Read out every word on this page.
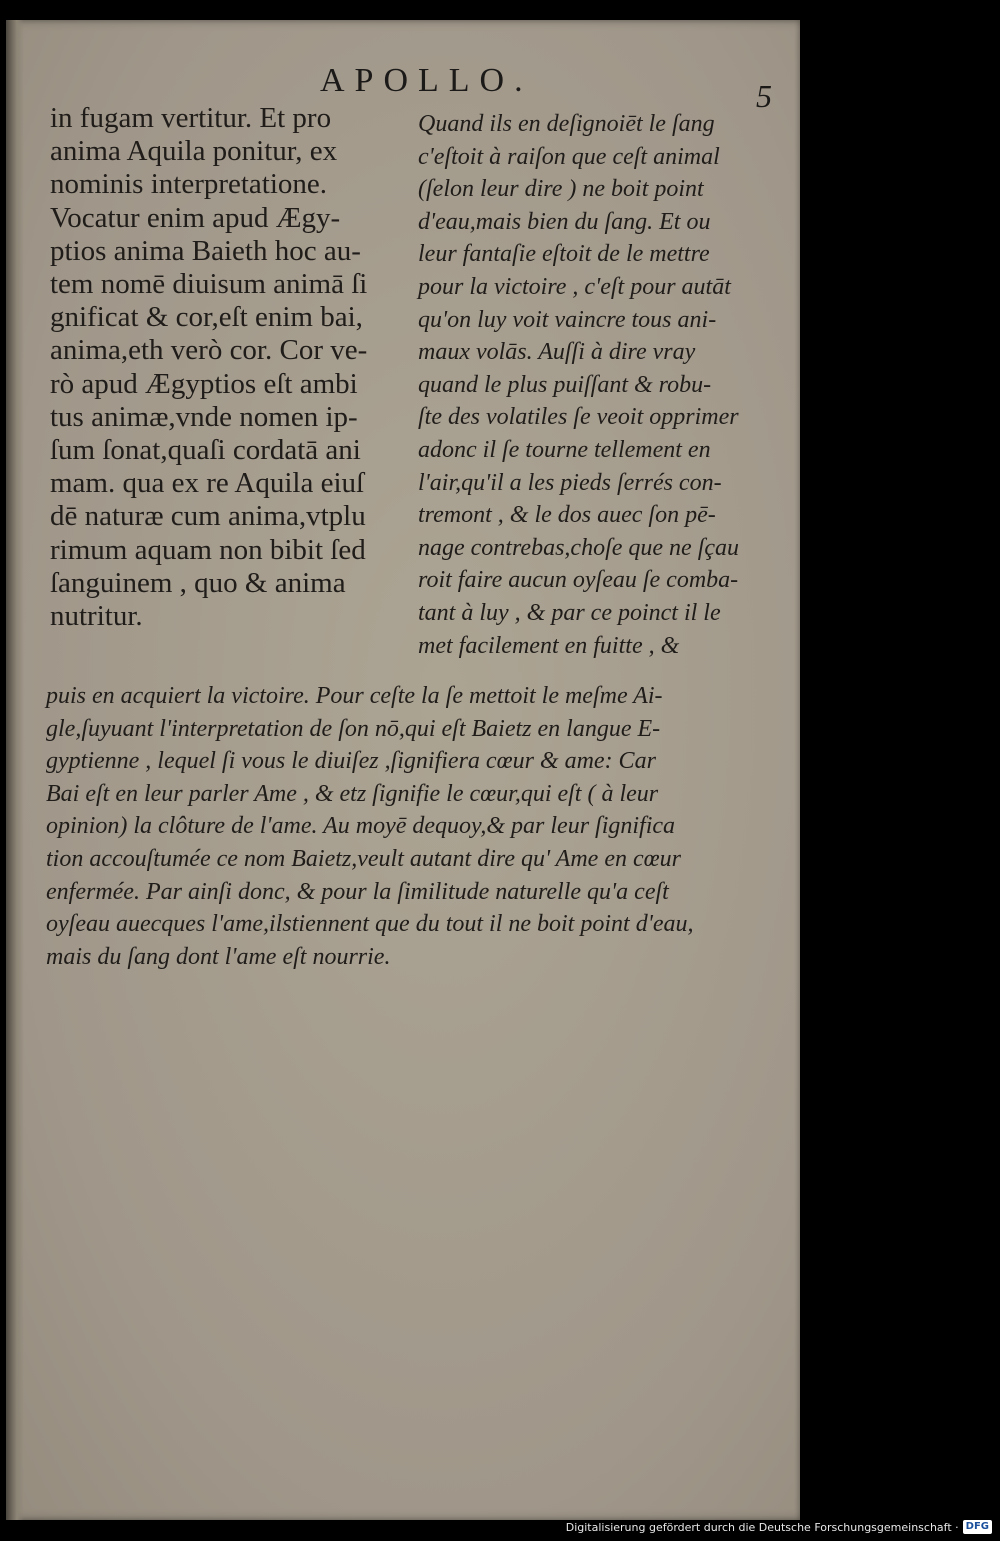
APOLLO.	5
in fugam vertitur. Et pro
anima Aquila ponitur, ex
nominis interpretatione.
Vocatur enim apud Ægy-
ptios anima Baieth hoc au-
tem nomē diuisum animā ſi
gnificat & cor,eſt enim bai,
anima,eth verò cor. Cor ve-
rò apud Ægyptios eſt ambi
tus animæ,vnde nomen ip-
ſum ſonat,quaſi cordatā ani
mam. qua ex re Aquila eiuſ
dē naturæ cum anima,vtplu
rimum aquam non bibit ſed
ſanguinem , quo & anima
nutritur.
Quand ils en deſignoiēt le ſang
c'eſtoit à raiſon que ceſt animal
(ſelon leur dire ) ne boit point
d'eau,mais bien du ſang. Et ou
leur fantaſie eſtoit de le mettre
pour la victoire , c'eſt pour autāt
qu'on luy voit vaincre tous ani-
maux volās. Auſſi à dire vray
quand le plus puiſſant & robu-
ſte des volatiles ſe veoit opprimer
adonc il ſe tourne tellement en
l'air,qu'il a les pieds ſerrés con-
tremont , & le dos auec ſon pē-
nage contrebas,choſe que ne ſçau
roit faire aucun oyſeau ſe comba-
tant à luy , & par ce poinct il le
met facilement en fuitte , &
puis en acquiert la victoire. Pour ceſte la ſe mettoit le meſme Ai-
gle,ſuyuant l'interpretation de ſon nō,qui eſt Baietz en langue E-
gyptienne , lequel ſi vous le diuiſez ,ſignifiera cœur & ame: Car
Bai eſt en leur parler Ame , & etz ſignifie le cœur,qui eſt ( à leur
opinion) la clôture de l'ame. Au moyē dequoy,& par leur ſignifica
tion accouſtumée ce nom Baietz,veult autant dire qu' Ame en cœur
enfermée. Par ainſi donc, & pour la ſimilitude naturelle qu'a ceſt
oyſeau auecques l'ame,ilstiennent que du tout il ne boit point d'eau,
mais du ſang dont l'ame eſt nourrie.
Digitalisierung gefördert durch die Deutsche Forschungsgemeinschaft · DFG
